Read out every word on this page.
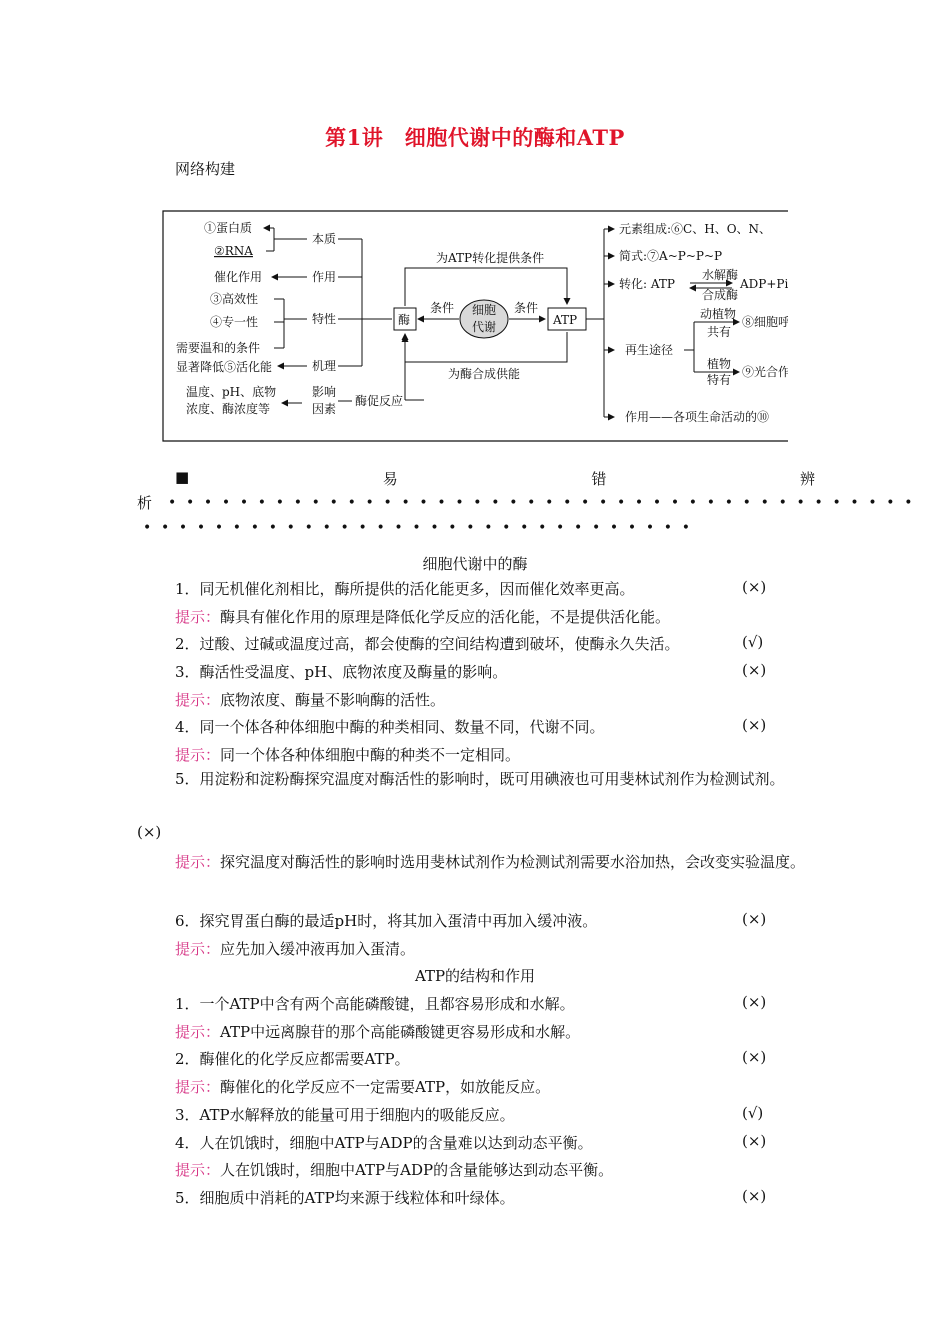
第1讲　细胞代谢中的酶和ATP
网络构建
①蛋白质
②RNA
催化作用
③高效性
④专一性
需要温和的条件
显著降低⑤活化能
温度、pH、底物
浓度、酶浓度等
本质
作用
特性
机理
影响
因素
酶促反应
酶
为ATP转化提供条件
为酶合成供能
细胞
代谢
条件	条件
ATP
元素组成:⑥C、H、O、N、
简式:⑦A~P~P~P
转化: ATP
水解酶
合成酶
ADP+Pi
再生途径
动植物
共有
⑧细胞呼
植物
特有
⑨光合作
作用——各项生命活动的⑩
■	易	错	辨
析 ••••••••••••••••••••••••••••••••••••••••••
•••••••••••••••••••••••••••••••
细胞代谢中的酶
1．同无机催化剂相比，酶所提供的活化能更多，因而催化效率更高。	(×)
提示：酶具有催化作用的原理是降低化学反应的活化能，不是提供活化能。
2．过酸、过碱或温度过高，都会使酶的空间结构遭到破坏，使酶永久失活。	(√)
3．酶活性受温度、pH、底物浓度及酶量的影响。	(×)
提示：底物浓度、酶量不影响酶的活性。
4．同一个体各种体细胞中酶的种类相同、数量不同，代谢不同。	(×)
提示：同一个体各种体细胞中酶的种类不一定相同。
5．用淀粉和淀粉酶探究温度对酶活性的影响时，既可用碘液也可用斐林试剂作为检测试剂。
(×)
提示：探究温度对酶活性的影响时选用斐林试剂作为检测试剂需要水浴加热，会改变实验温度。
6．探究胃蛋白酶的最适pH时，将其加入蛋清中再加入缓冲液。	(×)
提示：应先加入缓冲液再加入蛋清。
ATP的结构和作用
1．一个ATP中含有两个高能磷酸键，且都容易形成和水解。	(×)
提示：ATP中远离腺苷的那个高能磷酸键更容易形成和水解。
2．酶催化的化学反应都需要ATP。	(×)
提示：酶催化的化学反应不一定需要ATP，如放能反应。
3．ATP水解释放的能量可用于细胞内的吸能反应。	(√)
4．人在饥饿时，细胞中ATP与ADP的含量难以达到动态平衡。	(×)
提示：人在饥饿时，细胞中ATP与ADP的含量能够达到动态平衡。
5．细胞质中消耗的ATP均来源于线粒体和叶绿体。	(×)
